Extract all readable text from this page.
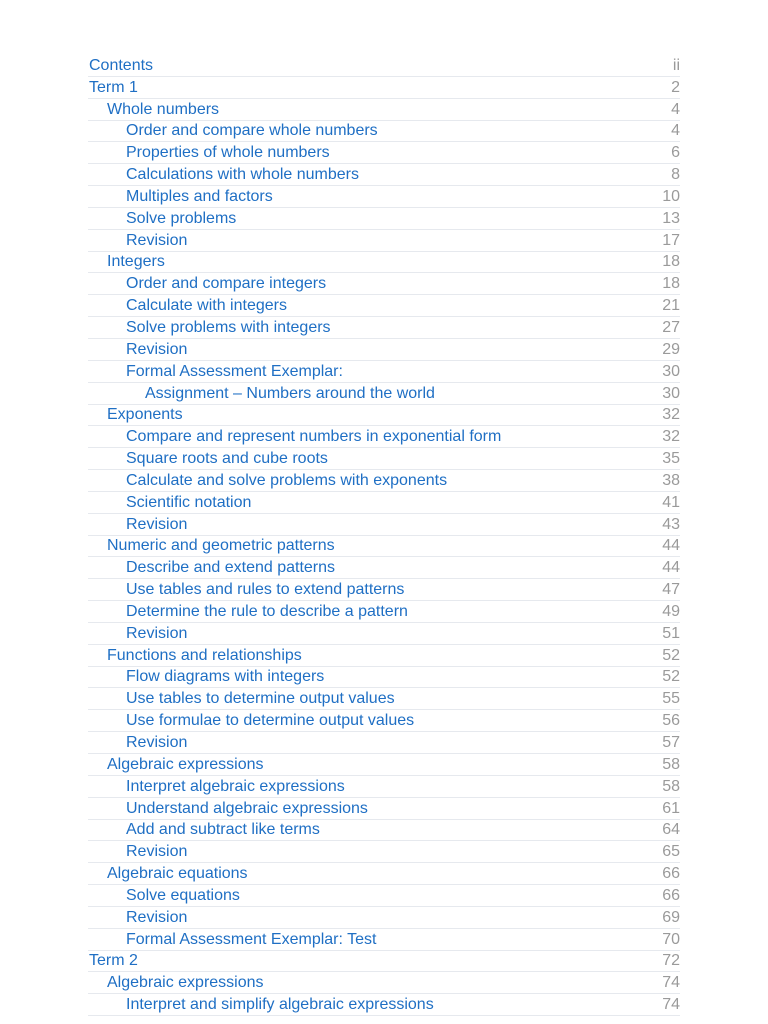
Contents	ii
Term 1	2
Whole numbers	4
Order and compare whole numbers	4
Properties of whole numbers	6
Calculations with whole numbers	8
Multiples and factors	10
Solve problems	13
Revision	17
Integers	18
Order and compare integers	18
Calculate with integers	21
Solve problems with integers	27
Revision	29
Formal Assessment Exemplar:	30
Assignment – Numbers around the world	30
Exponents	32
Compare and represent numbers in exponential form	32
Square roots and cube roots	35
Calculate and solve problems with exponents	38
Scientific notation	41
Revision	43
Numeric and geometric patterns	44
Describe and extend patterns	44
Use tables and rules to extend patterns	47
Determine the rule to describe a pattern	49
Revision	51
Functions and relationships	52
Flow diagrams with integers	52
Use tables to determine output values	55
Use formulae to determine output values	56
Revision	57
Algebraic expressions	58
Interpret algebraic expressions	58
Understand algebraic expressions	61
Add and subtract like terms	64
Revision	65
Algebraic equations	66
Solve equations	66
Revision	69
Formal Assessment Exemplar: Test	70
Term 2	72
Algebraic expressions	74
Interpret and simplify algebraic expressions	74
